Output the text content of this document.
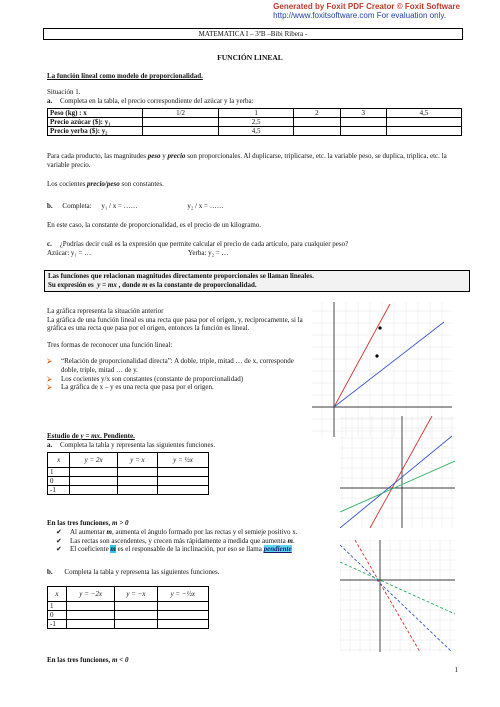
Generated by Foxit PDF Creator © Foxit Software
http://www.foxitsoftware.com For evaluation only.
MATEMATICA I – 3ºB –Bibi Ribera -
FUNCIÓN LINEAL
La función lineal como modelo de proporcionalidad.
Situación 1.
a. Completa en la tabla, el precio correspondiente del azúcar y la yerba:
Peso (kg) : x	1/2	1	2	3	4,5
Precio azúcar ($): y₁		2,5			
Precio yerba ($): y₂		4,5			
Para cada producto, las magnitudes peso y precio son proporcionales. Al duplicarse, triplicarse, etc. la variable peso, se duplica, triplica, etc. la variable precio.
Los cocientes precio/peso son constantes.
b. Completa: y₁ / x = ……	y₂ / x = ……
En este caso, la constante de proporcionalidad, es el precio de un kilogramo.
c. ¿Podrías decir cuál es la expresión que permite calcular el precio de cada artículo, para cualquier peso?
Azúcar: y₁ = …	Yerba: y₂ = …
Las funciones que relacionan magnitudes directamente proporcionales se llaman lineales.
Su expresión es  y = mx , donde m es la constante de proporcionalidad.
La gráfica representa la situación anterior
La gráfica de una función lineal es una recta que pasa por el origen, y, recíprocamente, si la gráfica es una recta que pasa por el origen, entonces la función es lineal.
Tres formas de reconocer una función lineal:
⮚ “Relación de proporcionalidad directa”: A doble, triple, mitad … de x, corresponde doble, triple, mitad … de y.
⮚ Los cocientes y/x son constantes (constante de proporcionalidad)
⮚ La gráfica de x – y es una recta que pasa por el origen.
Estudio de y = mx. Pendiente.
a. Completa la tabla y representa las siguientes funciones.
x	y = 2x	y = x	y = ½x
1			
0			
-1			
En las tres funciones, m > 0
✔ Al aumentar m, aumenta el ángulo formado por las rectas y el semieje positivo x.
✔ Las rectas son ascendentes, y crecen más rápidamente a medida que aumenta m.
✔ El coeficiente m es el responsable de la inclinación, por eso se llama pendiente
b. Completa la tabla y representa las siguientes funciones.
x	y = −2x	y = −x	y = −½x
1			
0			
-1			
En las tres funciones, m < 0
1
